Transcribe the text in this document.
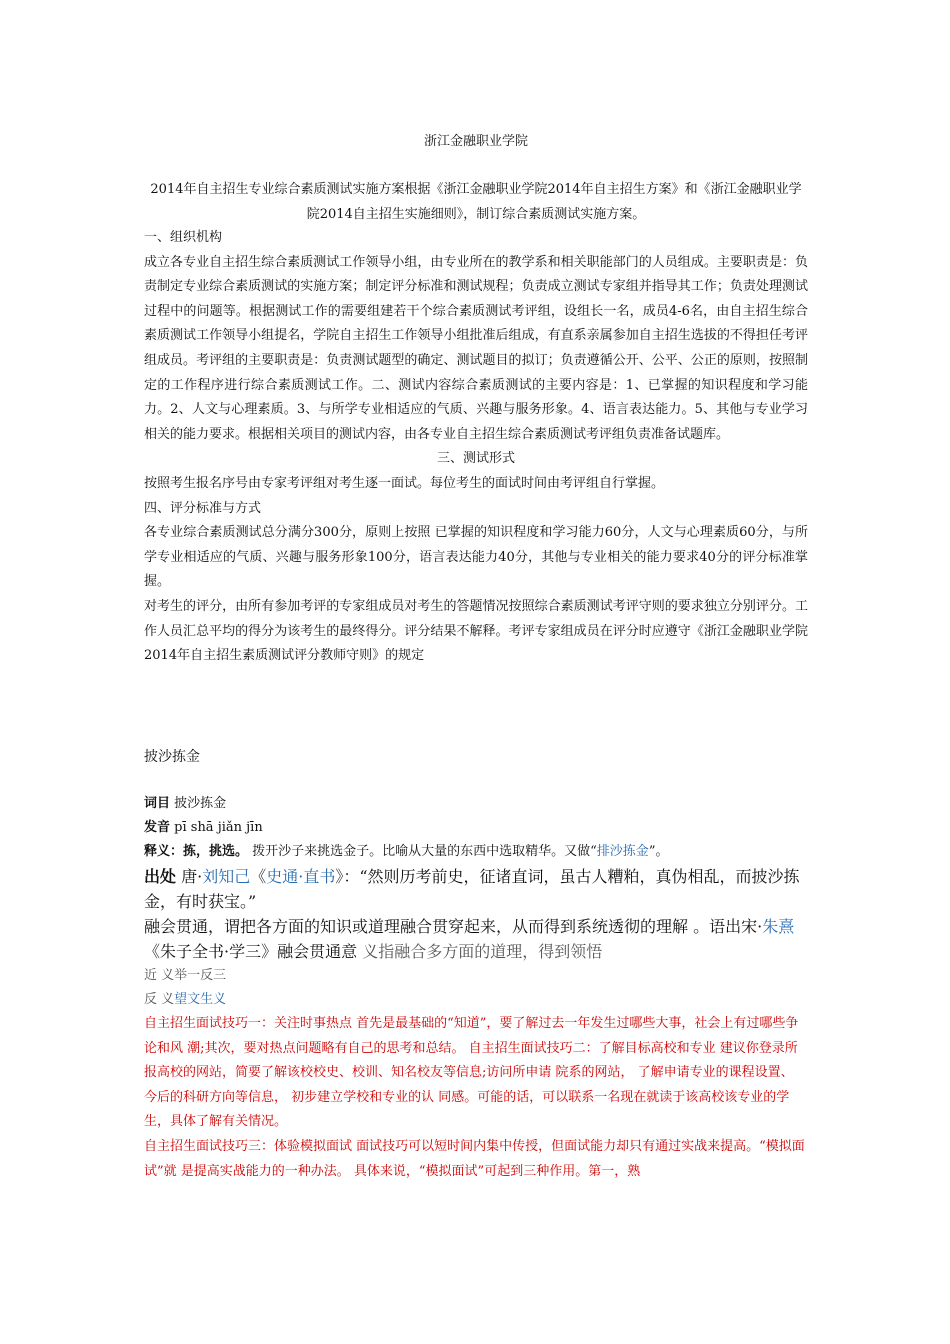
浙江金融职业学院
2014年自主招生专业综合素质测试实施方案根据《浙江金融职业学院2014年自主招生方案》和《浙江金融职业学院2014自主招生实施细则》，制订综合素质测试实施方案。

一、组织机构

成立各专业自主招生综合素质测试工作领导小组，由专业所在的教学系和相关职能部门的人员组成。主要职责是：负责制定专业综合素质测试的实施方案；制定评分标准和测试规程；负责成立测试专家组并指导其工作；负责处理测试过程中的问题等。根据测试工作的需要组建若干个综合素质测试考评组，设组长一名，成员4-6名，由自主招生综合素质测试工作领导小组提名，学院自主招生工作领导小组批准后组成，有直系亲属参加自主招生选拔的不得担任考评组成员。考评组的主要职责是：负责测试题型的确定、测试题目的拟订；负责遵循公开、公平、公正的原则，按照制定的工作程序进行综合素质测试工作。二、测试内容综合素质测试的主要内容是：1、已掌握的知识程度和学习能力。2、人文与心理素质。3、与所学专业相适应的气质、兴趣与服务形象。4、语言表达能力。5、其他与专业学习相关的能力要求。根据相关项目的测试内容，由各专业自主招生综合素质测试考评组负责准备试题库。

三、测试形式

按照考生报名序号由专家考评组对考生逐一面试。每位考生的面试时间由考评组自行掌握。

四、评分标准与方式

各专业综合素质测试总分满分300分，原则上按照 已掌握的知识程度和学习能力60分，人文与心理素质60分，与所学专业相适应的气质、兴趣与服务形象100分，语言表达能力40分，其他与专业相关的能力要求40分的评分标准掌握。

对考生的评分，由所有参加考评的专家组成员对考生的答题情况按照综合素质测试考评守则的要求独立分别评分。工作人员汇总平均的得分为该考生的最终得分。评分结果不解释。考评专家组成员在评分时应遵守《浙江金融职业学院2014年自主招生素质测试评分教师守则》的规定

披沙拣金

词目 披沙拣金

发音 pī shā jiǎn jīn

释义：拣，挑选。 拨开沙子来挑选金子。比喻从大量的东西中选取精华。又做“排沙拣金”。

出处 唐·刘知己《史通·直书》：“然则历考前史，征诸直词，虽古人糟粕，真伪相乱，而披沙拣金，有时获宝。”

融会贯通，谓把各方面的知识或道理融合贯穿起来，从而得到系统透彻的理解 。语出宋·朱熹《朱子全书·学三》融会贯通意 义指融合多方面的道理，得到领悟

近 义举一反三

反 义望文生义

自主招生面试技巧一：关注时事热点 首先是最基础的“知道”，要了解过去一年发生过哪些大事，社会上有过哪些争论和风 潮;其次，要对热点问题略有自己的思考和总结。 自主招生面试技巧二：了解目标高校和专业 建议你登录所报高校的网站，简要了解该校校史、校训、知名校友等信息;访问所申请 院系的网站， 了解申请专业的课程设置、 今后的科研方向等信息， 初步建立学校和专业的认 同感。可能的话，可以联系一名现在就读于该高校该专业的学生，具体了解有关情况。

自主招生面试技巧三：体验模拟面试 面试技巧可以短时间内集中传授，但面试能力却只有通过实战来提高。“模拟面试”就 是提高实战能力的一种办法。 具体来说，“模拟面试”可起到三种作用。第一，熟
